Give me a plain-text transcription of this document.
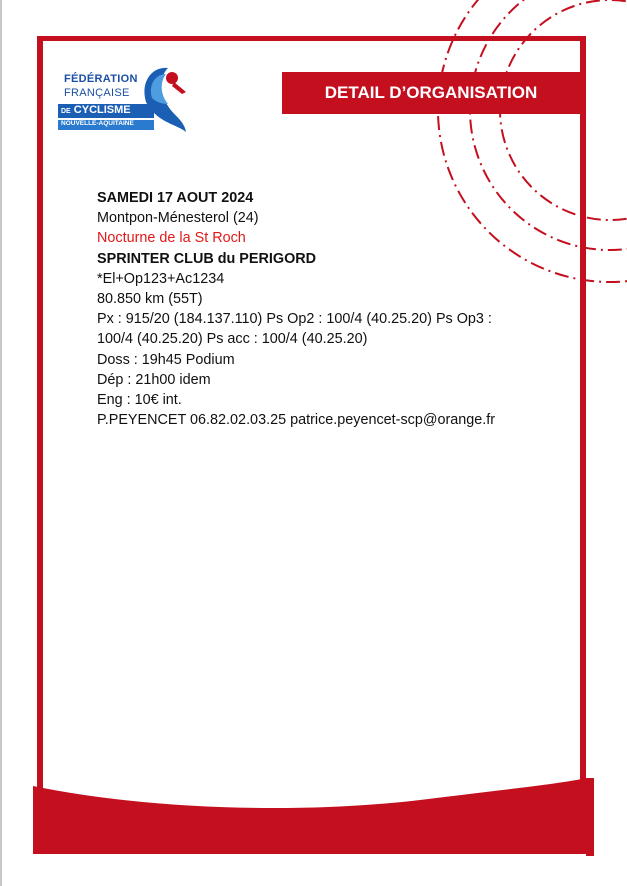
FÉDÉRATION
FRANÇAISE
DE CYCLISME
NOUVELLE-AQUITAINE
DETAIL D’ORGANISATION
SAMEDI 17 AOUT 2024
Montpon-Ménesterol (24)
Nocturne de la St Roch
SPRINTER CLUB du PERIGORD
*El+Op123+Ac1234
80.850 km (55T)
Px : 915/20 (184.137.110) Ps Op2 : 100/4 (40.25.20) Ps Op3 :
100/4 (40.25.20) Ps acc : 100/4 (40.25.20)
Doss : 19h45 Podium
Dép : 21h00 idem
Eng : 10€ int.
P.PEYENCET 06.82.02.03.25 patrice.peyencet-scp@orange.fr
